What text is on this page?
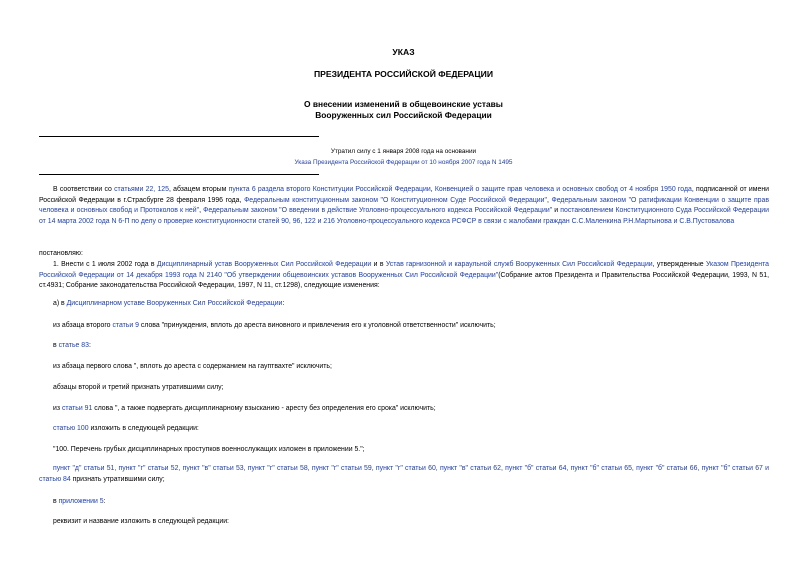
УКАЗ
ПРЕЗИДЕНТА РОССИЙСКОЙ ФЕДЕРАЦИИ
О внесении изменений в общевоинские уставы
Вооруженных сил Российской Федерации
Утратил силу с 1 января 2008 года на основании
Указа Президента Российской Федерации от 10 ноября 2007 года N 1495
В соответствии со статьями 22, 125, абзацем вторым пункта 6 раздела второго Конституции Российской Федерации, Конвенцией о защите прав человека и основных свобод от 4 ноября 1950 года, подписанной от имени Российской Федерации в г.Страсбурге 28 февраля 1996 года, Федеральным конституционным законом "О Конституционном Суде Российской Федерации", Федеральным законом "О ратификации Конвенции о защите прав человека и основных свобод и Протоколов к ней", Федеральным законом "О введении в действие Уголовно-процессуального кодекса Российской Федерации" и постановлением Конституционного Суда Российской Федерации от 14 марта 2002 года N 6-П по делу о проверке конституционности статей 90, 96, 122 и 216 Уголовно-процессуального кодекса РСФСР в связи с жалобами граждан С.С.Маленкина Р.Н.Мартынова и С.В.Пустовалова
постановляю:
1. Внести с 1 июля 2002 года в Дисциплинарный устав Вооруженных Сил Российской Федерации и в Устав гарнизонной и караульной служб Вооруженных Сил Российской Федерации, утвержденные Указом Президента Российской Федерации от 14 декабря 1993 года N 2140 "Об утверждении общевоинских уставов Вооруженных Сил Российской Федерации"(Собрание актов Президента и Правительства Российской Федерации, 1993, N 51, ст.4931; Собрание законодательства Российской Федерации, 1997, N 11, ст.1298), следующие изменения:
а) в Дисциплинарном уставе Вооруженных Сил Российской Федерации:
из абзаца второго статьи 9 слова "принуждения, вплоть до ареста виновного и привлечения его к уголовной ответственности" исключить;
в статье 83:
из абзаца первого слова ", вплоть до ареста с содержанием на гауптвахте" исключить;
абзацы второй и третий признать утратившими силу;
из статьи 91 слова ", а также подвергать дисциплинарному взысканию - аресту без определения его срока" исключить;
статью 100 изложить в следующей редакции:
"100. Перечень грубых дисциплинарных проступков военнослужащих изложен в приложении 5.";
пункт "д" статьи 51, пункт "г" статьи 52, пункт "в" статьи 53, пункт "г" статьи 58, пункт "г" статьи 59, пункт "г" статьи 60, пункт "в" статьи 62, пункт "б" статьи 64, пункт "б" статьи 65, пункт "б" статьи 66, пункт "б" статьи 67 и статью 84 признать утратившими силу;
в приложении 5:
реквизит и название изложить в следующей редакции:
